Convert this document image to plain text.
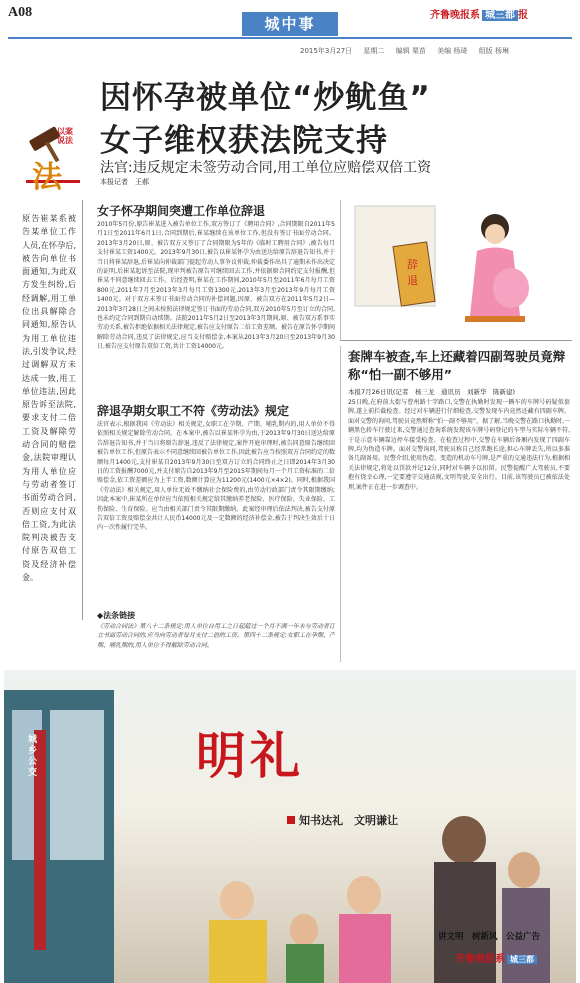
A08
城中事	齐鲁晚报系 城三都 报
2015年3月27日 星期二 编辑 栗苗 美编 杨琦 组版 杨琳
以案说法
法
因怀孕被单位“炒鱿鱼”
女子维权获法院支持
法官:违反规定未签劳动合同,用工单位应赔偿双倍工资
本报记者　王郝
原告崔某系被告某单位工作人员,在怀孕后,被告向单位书面通知,为此双方发生纠纷,后经调解,用工单位出具解除合同通知,原告认为用工单位违法,引发争议,经过调解双方未达成一致,用工单位违法,因此原告诉至法院,要求支付二倍工资及解除劳动合同的赔偿金,法院审理认为用人单位应与劳动者签订书面劳动合同,否则应支付双倍工资,为此法院判决被告支付原告双倍工资及经济补偿金。
女子怀孕期间突遭工作单位辞退
2010年5月份,原告崔某进入被告单位工作,双方签订了《聘用合同》,合同期限自2011年5月1日至2011年6月1日,合同到期后,崔某继续在该单位工作,但没有签订书面劳动合同。2013年3月20日,原、被告双方又签订了合同期限为5年的《临时工聘用合同》,被告每月支付崔某工资1400元。2013年9月30日,被告以崔某怀孕为由送达给原告辞退告知书,并于当日将崔某辞退,后崔某向仲裁部门提起劳动人事争议仲裁,仲裁委作出具了逾期未作出决定的证明,后崔某起诉至法院,现审判被告原告可继续回去工作,并依据原合同约定支付报酬,但崔某不同意继续回去工作。后经查明,崔某在工作期间,2010年5月至2011年6月每月工资800元,2011年7月至2013年3月每月工资1300元,2013年3月至2013年9月每月工资1400元。对于双方未签订书面劳动合同的补偿问题,因原、被告双方在2011年5月2日—2013年3月28日之间未按照法律规定签订书面的劳动合同,双方2010年5月至订立的合同,也未约定合同到期自动续期。法院2011年5月2日至2013年3月期间,原、被告双方系事实劳动关系,被告拒绝依据相关法律规定,被告应支付原告二倍工资差额。被告在原告怀孕期间解除劳动合同,违反了法律规定,应当支付赔偿金,本案从2013年3月20日至2013年9月30日,被告应支付原告双倍工资,共计工资14000元。
辞
退
辞退孕期女职工不符《劳动法》规定
法官表示,根据我国《劳动法》相关规定,女职工在孕期、产期、哺乳期内的,用人单位不得依照相关规定解除劳动合同。在本案中,被告以崔某怀孕为由,于2013年9月30日送达给原告辞退告知书,并于当日将原告辞退,违反了法律规定,案件开庭审理时,被告同意原告继续回被告单位工作,但原告表示不同意继续回被告单位工作,因此被告应当按照双方合同约定的数额每月1400元,支付崔某自2013年9月30日至双方订立的合同终止之日即2014年3月30日的工资报酬7000元,并支付原告自2013年9月至2015年期间每月一个月工资标准的二倍赔偿金,依工资差额应为上半工资,数额计算应为11200元(1400元×4×2)。同时,根据我国《劳动法》相关规定,用人单位无故不缴纳社会保险费的,由劳动行政部门责令其限期缴纳;因此本案中,崔某所在单位应当依照相关规定给其缴纳养老保险、医疗保险、失业保险、工伤保险、生育保险。应当由相关部门责令其限期缴纳。此案经审理后依法判决,被告支付原告双倍工资及赔偿金共计人民币14000元及一定数额的经济补偿金,被告于判决生效后十日内一次性履行完毕。
◆法条链接
《劳动合同法》第八十二条规定:用人单位自用工之日起超过一个月不满一年未与劳动者订立书面劳动合同的,应当向劳动者每月支付二倍的工资。第四十二条规定:女职工在孕期、产期、哺乳期的,用人单位不得解除劳动合同。
套牌车被查,车上还藏着四副驾驶员竟辩称“怕一副不够用”
本报7月26日讯(记者　杨三龙　通讯员　刘新华　陈新建)
25日晚,在府前大街与曹州路十字路口,交警在执勤时发现一辆车的车牌号码疑似套牌,遂上前拦截检查。经过对车辆进行仔细检查,交警发现车内竟然还藏有四副车牌。面对交警的询问,驾驶员竟然辩称“怕一副不够用”。据了解,当晚交警在路口执勤时,一辆黑色轿车行驶过来,交警通过查询系统发现该车牌号码登记的车型与实际车辆不符,于是示意车辆靠边停车接受检查。在检查过程中,交警在车辆后备厢内发现了四副车牌,均为伪造车牌。面对交警询问,驾驶员称自己经常跑长途,担心车牌丢失,所以多准备几副备用。民警介绍,使用伪造、变造的机动车号牌,是严重的交通违法行为,根据相关法律规定,将处以罚款并记12分,同时对车辆予以扣留。民警提醒广大驾驶员,不要抱有侥幸心理,一定要遵守交通法规,文明驾驶,安全出行。目前,该驾驶员已被依法处理,案件正在进一步调查中。
城乡公交	明礼
知书达礼　文明谦让
讲文明　树新风　公益广告
齐鲁晚报系 城三都
